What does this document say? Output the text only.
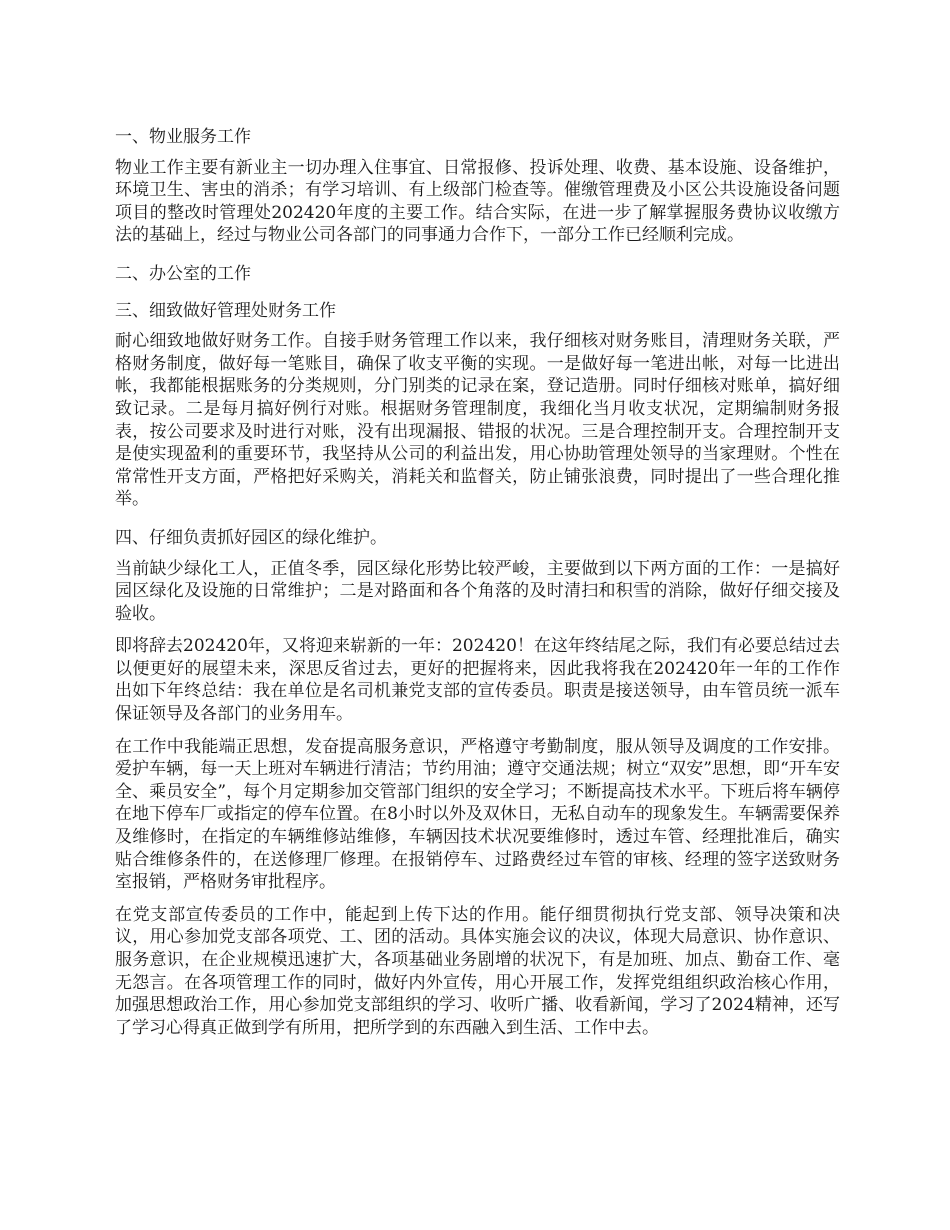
一、物业服务工作

物业工作主要有新业主一切办理入住事宜、日常报修、投诉处理、收费、基本设施、设备维护，环境卫生、害虫的消杀；有学习培训、有上级部门检查等。催缴管理费及小区公共设施设备问题项目的整改时管理处202420年度的主要工作。结合实际，在进一步了解掌握服务费协议收缴方法的基础上，经过与物业公司各部门的同事通力合作下，一部分工作已经顺利完成。

二、办公室的工作
三、细致做好管理处财务工作

耐心细致地做好财务工作。自接手财务管理工作以来，我仔细核对财务账目，清理财务关联，严格财务制度，做好每一笔账目，确保了收支平衡的实现。一是做好每一笔进出帐，对每一比进出帐，我都能根据账务的分类规则，分门别类的记录在案，登记造册。同时仔细核对账单，搞好细致记录。二是每月搞好例行对账。根据财务管理制度，我细化当月收支状况，定期编制财务报表，按公司要求及时进行对账，没有出现漏报、错报的状况。三是合理控制开支。合理控制开支是使实现盈利的重要环节，我坚持从公司的利益出发，用心协助管理处领导的当家理财。个性在常常性开支方面，严格把好采购关，消耗关和监督关，防止铺张浪费，同时提出了一些合理化推举。

四、仔细负责抓好园区的绿化维护。

当前缺少绿化工人，正值冬季，园区绿化形势比较严峻，主要做到以下两方面的工作：一是搞好园区绿化及设施的日常维护；二是对路面和各个角落的及时清扫和积雪的消除，做好仔细交接及验收。

即将辞去202420年，又将迎来崭新的一年：202420！在这年终结尾之际，我们有必要总结过去以便更好的展望未来，深思反省过去，更好的把握将来，因此我将我在202420年一年的工作作出如下年终总结：我在单位是名司机兼党支部的宣传委员。职责是接送领导，由车管员统一派车保证领导及各部门的业务用车。

在工作中我能端正思想，发奋提高服务意识，严格遵守考勤制度，服从领导及调度的工作安排。爱护车辆，每一天上班对车辆进行清洁；节约用油；遵守交通法规；树立“双安”思想，即“开车安全、乘员安全”，每个月定期参加交管部门组织的安全学习；不断提高技术水平。下班后将车辆停在地下停车厂或指定的停车位置。在8小时以外及双休日，无私自动车的现象发生。车辆需要保养及维修时，在指定的车辆维修站维修，车辆因技术状况要维修时，透过车管、经理批准后，确实贴合维修条件的，在送修理厂修理。在报销停车、过路费经过车管的审核、经理的签字送致财务室报销，严格财务审批程序。

在党支部宣传委员的工作中，能起到上传下达的作用。能仔细贯彻执行党支部、领导决策和决议，用心参加党支部各项党、工、团的活动。具体实施会议的决议，体现大局意识、协作意识、服务意识，在企业规模迅速扩大，各项基础业务剧增的状况下，有是加班、加点、勤奋工作、毫无怨言。在各项管理工作的同时，做好内外宣传，用心开展工作，发挥党组组织政治核心作用，加强思想政治工作，用心参加党支部组织的学习、收听广播、收看新闻，学习了2024精神，还写了学习心得真正做到学有所用，把所学到的东西融入到生活、工作中去。
